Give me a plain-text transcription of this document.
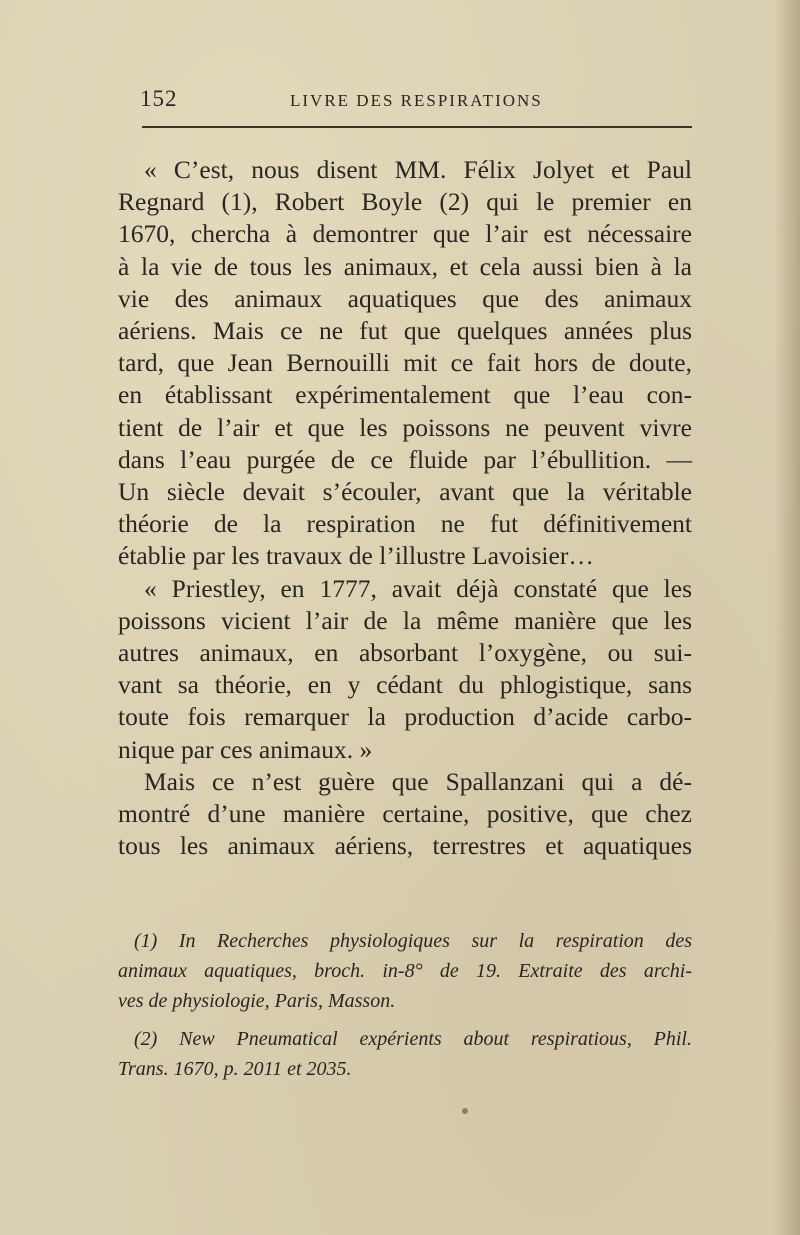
152	LIVRE DES RESPIRATIONS
« C’est, nous disent MM. Félix Jolyet et Paul
Regnard (1), Robert Boyle (2) qui le premier en
1670, chercha à demontrer que l’air est nécessaire
à la vie de tous les animaux, et cela aussi bien à la
vie des animaux aquatiques que des animaux
aériens. Mais ce ne fut que quelques années plus
tard, que Jean Bernouilli mit ce fait hors de doute,
en établissant expérimentalement que l’eau con-
tient de l’air et que les poissons ne peuvent vivre
dans l’eau purgée de ce fluide par l’ébullition. —
Un siècle devait s’écouler, avant que la véritable
théorie de la respiration ne fut définitivement
établie par les travaux de l’illustre Lavoisier…
« Priestley, en 1777, avait déjà constaté que les
poissons vicient l’air de la même manière que les
autres animaux, en absorbant l’oxygène, ou sui-
vant sa théorie, en y cédant du phlogistique, sans
toute fois remarquer la production d’acide carbo-
nique par ces animaux. »
Mais ce n’est guère que Spallanzani qui a dé-
montré d’une manière certaine, positive, que chez
tous les animaux aériens, terrestres et aquatiques
(1) In Recherches physiologiques sur la respiration des
animaux aquatiques, broch. in-8° de 19. Extraite des archi-
ves de physiologie, Paris, Masson.
(2) New Pneumatical expérients about respiratious, Phil.
Trans. 1670, p. 2011 et 2035.
